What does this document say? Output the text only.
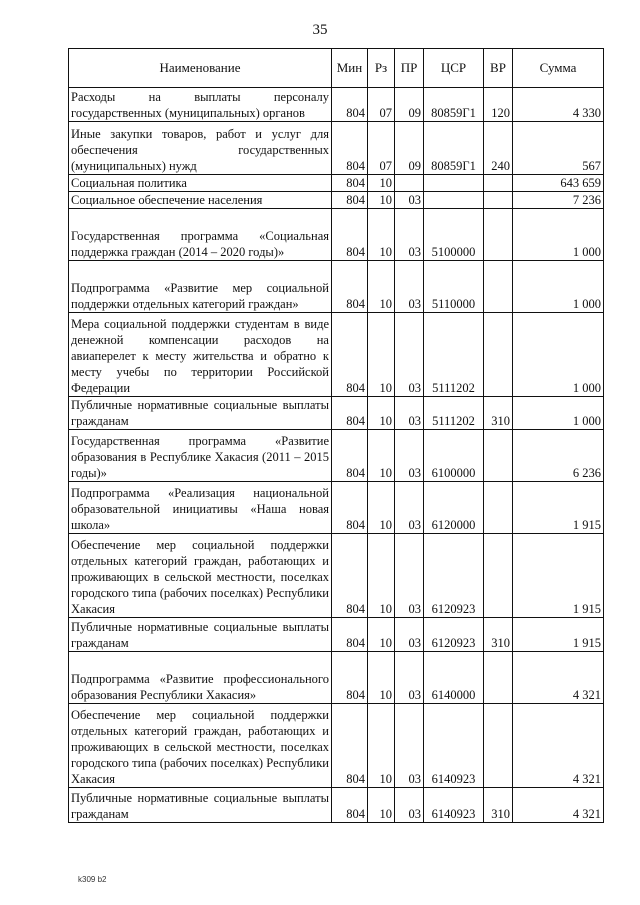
35
Наименование	Мин	Рз	ПР	ЦСР	ВР	Сумма
Расходы на выплаты персоналу государственных (муниципальных) органов	804	07	09	80859Г1	120	4 330
Иные закупки товаров, работ и услуг для обеспечения государственных (муниципальных) нужд	804	07	09	80859Г1	240	567
Социальная политика	804	10				643 659
Социальное обеспечение населения	804	10	03			7 236
Государственная программа «Социальная поддержка граждан (2014 – 2020 годы)»	804	10	03	5100000		1 000
Подпрограмма «Развитие мер социальной поддержки отдельных категорий граждан»	804	10	03	5110000		1 000
Мера социальной поддержки студентам в виде денежной компенсации расходов на авиаперелет к месту жительства и обратно к месту учебы по территории Российской Федерации	804	10	03	5111202		1 000
Публичные нормативные социальные выплаты гражданам	804	10	03	5111202	310	1 000
Государственная программа «Развитие образования в Республике Хакасия (2011 – 2015 годы)»	804	10	03	6100000		6 236
Подпрограмма «Реализация национальной образовательной инициативы «Наша новая школа»	804	10	03	6120000		1 915
Обеспечение мер социальной поддержки отдельных категорий граждан, работающих и проживающих в сельской местности, поселках городского типа (рабочих поселках) Республики Хакасия	804	10	03	6120923		1 915
Публичные нормативные социальные выплаты гражданам	804	10	03	6120923	310	1 915
Подпрограмма «Развитие профессионального образования Республики Хакасия»	804	10	03	6140000		4 321
Обеспечение мер социальной поддержки отдельных категорий граждан, работающих и проживающих в сельской местности, поселках городского типа (рабочих поселках) Республики Хакасия	804	10	03	6140923		4 321
Публичные нормативные социальные выплаты гражданам	804	10	03	6140923	310	4 321
k309 b2
